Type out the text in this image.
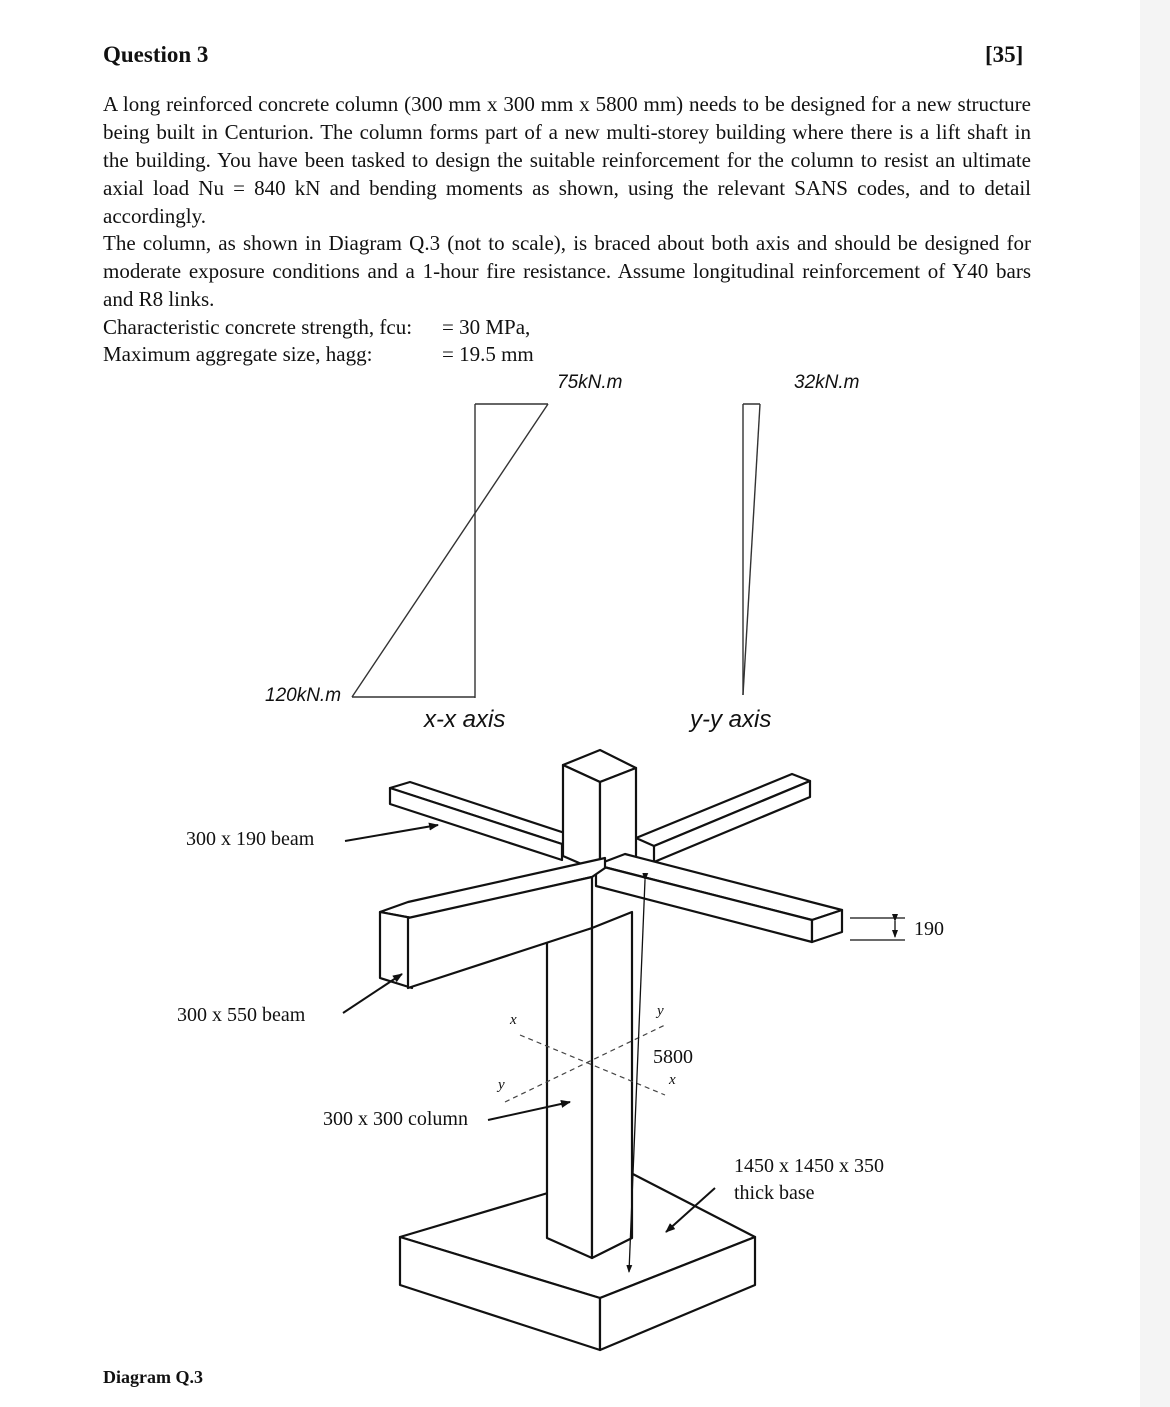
Question 3	[35]

A long reinforced concrete column (300 mm x 300 mm x 5800 mm) needs to be designed for a new structure being built in Centurion. The column forms part of a new multi-storey building where there is a lift shaft in the building. You have been tasked to design the suitable reinforcement for the column to resist an ultimate axial load Nu = 840 kN and bending moments as shown, using the relevant SANS codes, and to detail accordingly.

The column, as shown in Diagram Q.3 (not to scale), is braced about both axis and should be designed for moderate exposure conditions and a 1-hour fire resistance. Assume longitudinal reinforcement of Y40 bars and R8 links.

Characteristic concrete strength, fcu: = 30 MPa,
Maximum aggregate size, hagg:	= 19.5 mm
75kN.m	32kN.m
120kN.m
x-x axis	y-y axis
300 x 190 beam
300 x 550 beam
300 x 300 column
1450 x 1450 x 350
thick base
5800
190
x
x
y
y
Diagram Q.3
